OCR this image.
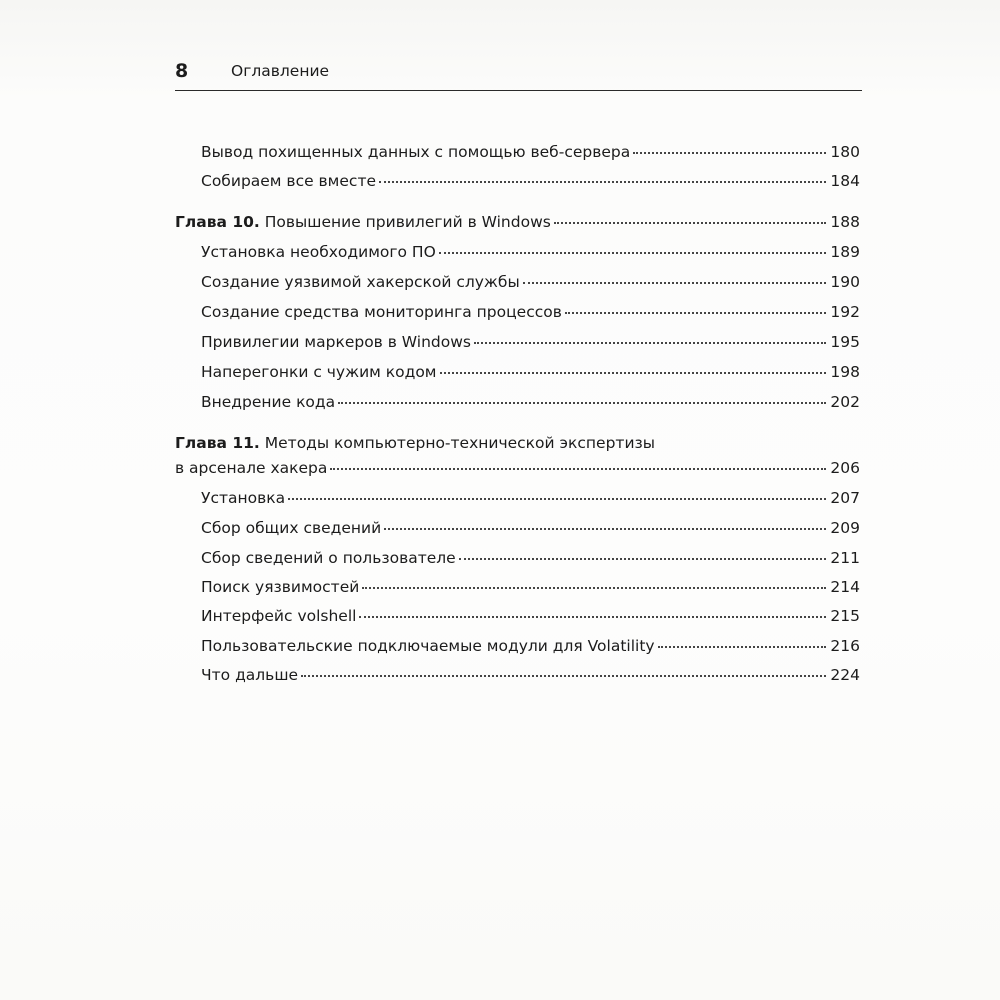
8	Оглавление
Вывод похищенных данных с помощью веб-сервера	180
Собираем все вместе	184
Глава 10. Повышение привилегий в Windows	188
Установка необходимого ПО	189
Создание уязвимой хакерской службы	190
Создание средства мониторинга процессов	192
Привилегии маркеров в Windows	195
Наперегонки с чужим кодом	198
Внедрение кода	202
Глава 11. Методы компьютерно-технической экспертизы
в арсенале хакера	206
Установка	207
Сбор общих сведений	209
Сбор сведений о пользователе	211
Поиск уязвимостей	214
Интерфейс volshell	215
Пользовательские подключаемые модули для Volatility	216
Что дальше	224
